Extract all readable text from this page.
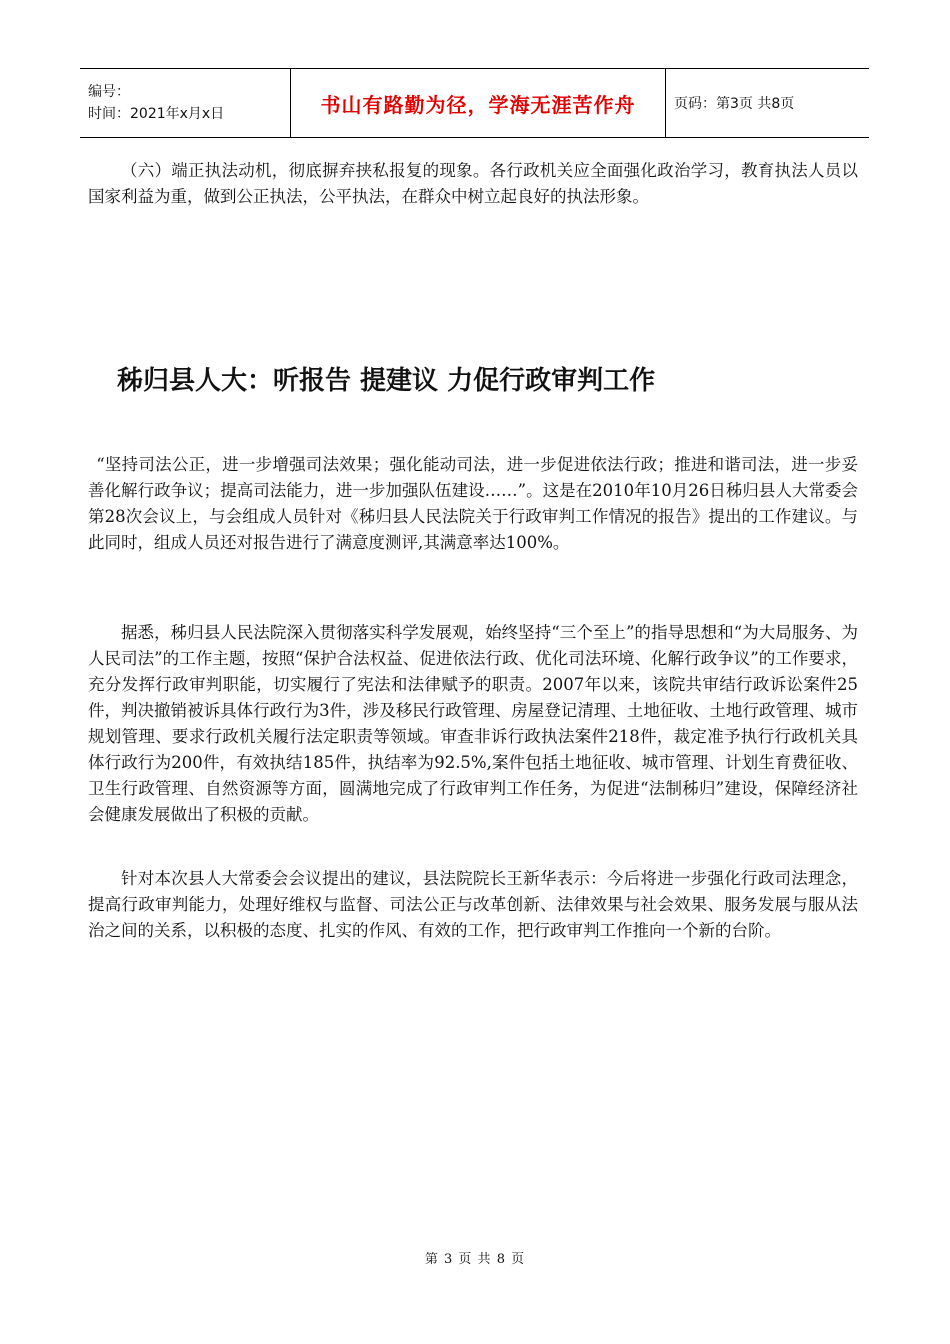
编号：
时间：2021年x月x日	书山有路勤为径，学海无涯苦作舟	页码：第3页 共8页

（六）端正执法动机，彻底摒弃挟私报复的现象。各行政机关应全面强化政治学习，教育执法人员以国家利益为重，做到公正执法，公平执法，在群众中树立起良好的执法形象。

秭归县人大：听报告 提建议 力促行政审判工作

“坚持司法公正，进一步增强司法效果；强化能动司法，进一步促进依法行政；推进和谐司法，进一步妥善化解行政争议；提高司法能力，进一步加强队伍建设……”。这是在2010年10月26日秭归县人大常委会第28次会议上，与会组成人员针对《秭归县人民法院关于行政审判工作情况的报告》提出的工作建议。与此同时，组成人员还对报告进行了满意度测评,其满意率达100%。

据悉，秭归县人民法院深入贯彻落实科学发展观，始终坚持“三个至上”的指导思想和“为大局服务、为人民司法”的工作主题，按照“保护合法权益、促进依法行政、优化司法环境、化解行政争议”的工作要求，充分发挥行政审判职能，切实履行了宪法和法律赋予的职责。2007年以来，该院共审结行政诉讼案件25件，判决撤销被诉具体行政行为3件，涉及移民行政管理、房屋登记清理、土地征收、土地行政管理、城市规划管理、要求行政机关履行法定职责等领域。审查非诉行政执法案件218件，裁定准予执行行政机关具体行政行为200件，有效执结185件，执结率为92.5%,案件包括土地征收、城市管理、计划生育费征收、卫生行政管理、自然资源等方面，圆满地完成了行政审判工作任务，为促进“法制秭归”建设，保障经济社会健康发展做出了积极的贡献。

针对本次县人大常委会会议提出的建议，县法院院长王新华表示：今后将进一步强化行政司法理念，提高行政审判能力，处理好维权与监督、司法公正与改革创新、法律效果与社会效果、服务发展与服从法治之间的关系，以积极的态度、扎实的作风、有效的工作，把行政审判工作推向一个新的台阶。

第 3 页 共 8 页
